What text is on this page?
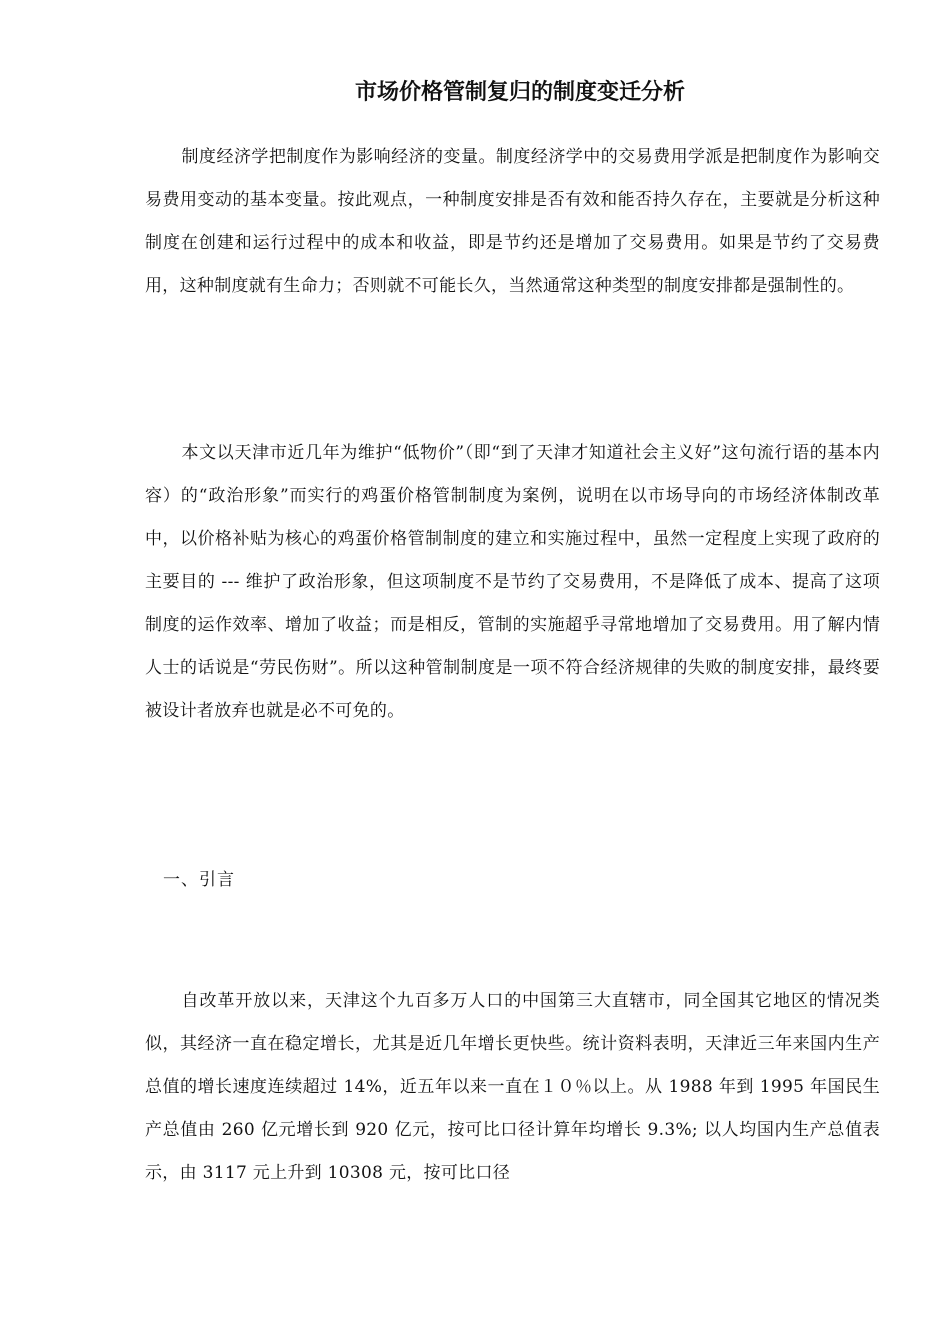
市场价格管制复归的制度变迁分析

制度经济学把制度作为影响经济的变量。制度经济学中的交易费用学派是把制度作为影响交易费用变动的基本变量。按此观点，一种制度安排是否有效和能否持久存在，主要就是分析这种制度在创建和运行过程中的成本和收益，即是节约还是增加了交易费用。如果是节约了交易费用，这种制度就有生命力；否则就不可能长久，当然通常这种类型的制度安排都是强制性的。

本文以天津市近几年为维护“低物价”（即“到了天津才知道社会主义好”这句流行语的基本内容）的“政治形象”而实行的鸡蛋价格管制制度为案例，说明在以市场导向的市场经济体制改革中，以价格补贴为核心的鸡蛋价格管制制度的建立和实施过程中，虽然一定程度上实现了政府的主要目的 --- 维护了政治形象，但这项制度不是节约了交易费用，不是降低了成本、提高了这项制度的运作效率、增加了收益；而是相反，管制的实施超乎寻常地增加了交易费用。用了解内情人士的话说是“劳民伤财”。所以这种管制制度是一项不符合经济规律的失败的制度安排，最终要被设计者放弃也就是必不可免的。

一、引言

自改革开放以来，天津这个九百多万人口的中国第三大直辖市，同全国其它地区的情况类似，其经济一直在稳定增长，尤其是近几年增长更快些。统计资料表明，天津近三年来国内生产总值的增长速度连续超过 14%，近五年以来一直在１０％以上。从 1988 年到 1995 年国民生产总值由 260 亿元增长到 920 亿元，按可比口径计算年均增长 9.3%; 以人均国内生产总值表示，由 3117 元上升到 10308 元，按可比口径
